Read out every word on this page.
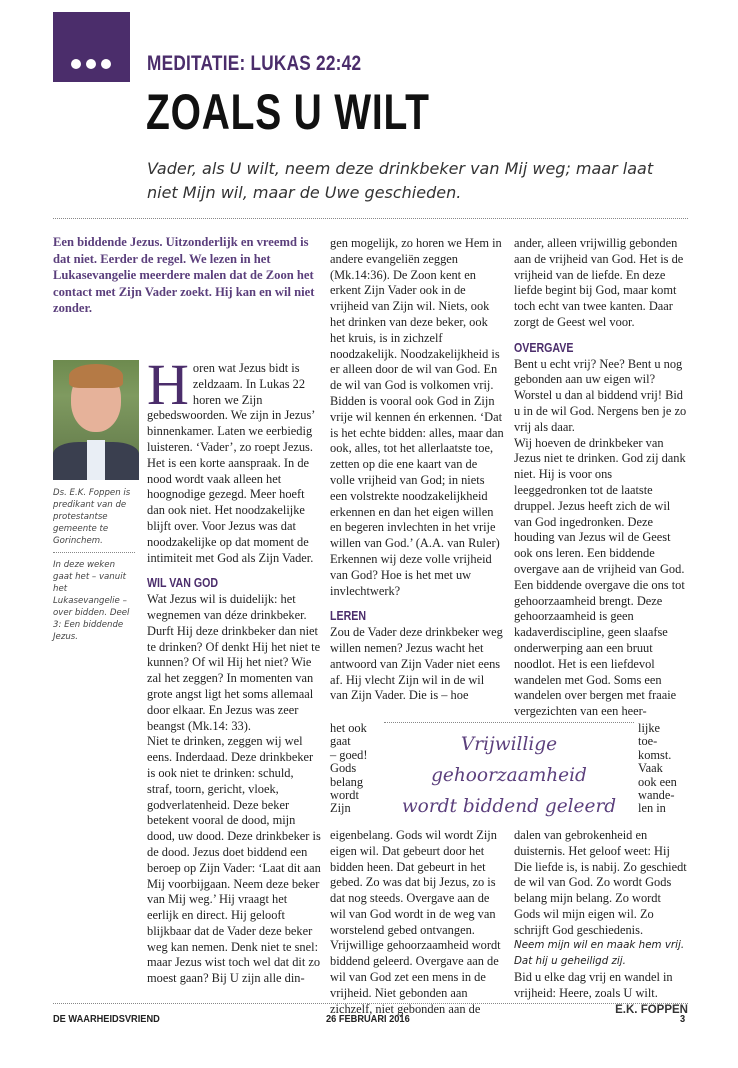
MEDITATIE: LUKAS 22:42
ZOALS U WILT
Vader, als U wilt, neem deze drinkbeker van Mij weg; maar laat niet Mijn wil, maar de Uwe geschieden.
Een biddende Jezus. Uitzonderlijk en vreemd is dat niet. Eerder de regel. We lezen in het Lukasevangelie meerdere malen dat de Zoon het contact met Zijn Vader zoekt. Hij kan en wil niet zonder.
Ds. E.K. Foppen is predikant van de protestantse gemeente te Gorinchem.
In deze weken gaat het – vanuit het Lukasevangelie – over bidden. Deel 3: Een biddende Jezus.
H oren wat Jezus bidt is zeldzaam. In Lukas 22 horen we Zijn gebedswoorden. We zijn in Jezus’ binnenkamer. Laten we eerbiedig luisteren. ‘Vader’, zo roept Jezus. Het is een korte aanspraak. In de nood wordt vaak alleen het hoognodige gezegd. Meer hoeft dan ook niet. Het noodzakelijke blijft over. Voor Jezus was dat noodzakelijke op dat moment de intimiteit met God als Zijn Vader.

WIL VAN GOD

Wat Jezus wil is duidelijk: het wegnemen van déze drinkbeker. Durft Hij deze drinkbeker dan niet te drinken? Of denkt Hij het niet te kunnen? Of wil Hij het niet? Wie zal het zeggen? In momenten van grote angst ligt het soms allemaal door elkaar. En Jezus was zeer beangst (Mk.14: 33).

Niet te drinken, zeggen wij wel eens. Inderdaad. Deze drinkbeker is ook niet te drinken: schuld, straf, toorn, gericht, vloek, godverlatenheid. Deze beker betekent vooral de dood, mijn dood, uw dood. Deze drinkbeker is de dood. Jezus doet biddend een beroep op Zijn Vader: ‘Laat dit aan Mij voorbijgaan. Neem deze beker van Mij weg.’ Hij vraagt het eerlijk en direct. Hij gelooft blijkbaar dat de Vader deze beker weg kan nemen. Denk niet te snel: maar Jezus wist toch wel dat dit zo moest gaan? Bij U zijn alle din-

gen mogelijk, zo horen we Hem in andere evangeliën zeggen (Mk.14:36). De Zoon kent en erkent Zijn Vader ook in de vrijheid van Zijn wil. Niets, ook het drinken van deze beker, ook het kruis, is in zichzelf noodzakelijk. Noodzakelijkheid is er alleen door de wil van God. En de wil van God is volkomen vrij. Bidden is vooral ook God in Zijn vrije wil kennen én erkennen. ‘Dat is het echte bidden: alles, maar dan ook, alles, tot het allerlaatste toe, zetten op die ene kaart van de volle vrijheid van God; in niets een volstrekte noodzakelijkheid erkennen en dan het eigen willen en begeren invlechten in het vrije willen van God.’ (A.A. van Ruler) Erkennen wij deze volle vrijheid van God? Hoe is het met uw invlechtwerk?

LEREN

Zou de Vader deze drinkbeker weg willen nemen? Jezus wacht het antwoord van Zijn Vader niet eens af. Hij vlecht Zijn wil in de wil van Zijn Vader. Die is – hoe

ander, alleen vrijwillig gebonden aan de vrijheid van God. Het is de vrijheid van de liefde. En deze liefde begint bij God, maar komt toch echt van twee kanten. Daar zorgt de Geest wel voor.

OVERGAVE

Bent u echt vrij? Nee? Bent u nog gebonden aan uw eigen wil? Worstel u dan al biddend vrij! Bid u in de wil God. Nergens ben je zo vrij als daar.

Wij hoeven de drinkbeker van Jezus niet te drinken. God zij dank niet. Hij is voor ons leeggedronken tot de laatste druppel. Jezus heeft zich de wil van God ingedronken. Deze houding van Jezus wil de Geest ook ons leren. Een biddende overgave aan de vrijheid van God. Een biddende overgave die ons tot gehoorzaamheid brengt. Deze gehoorzaamheid is geen kadaverdiscipline, geen slaafse onderwerping aan een bruut noodlot. Het is een liefdevol wandelen met God. Soms een wandelen over bergen met fraaie vergezichten van een heer-

het ook
gaat
– goed!
Gods
belang
wordt
Zijn
Vrijwillige gehoorzaamheid
wordt biddend geleerd
lijke
toe-
komst.
Vaak
ook een
wande-
len in

eigenbelang. Gods wil wordt Zijn eigen wil. Dat gebeurt door het bidden heen. Dat gebeurt in het gebed. Zo was dat bij Jezus, zo is dat nog steeds. Overgave aan de wil van God wordt in de weg van worstelend gebed ontvangen. Vrijwillige gehoorzaamheid wordt biddend geleerd. Overgave aan de wil van God zet een mens in de vrijheid. Niet gebonden aan zichzelf, niet gebonden aan de

dalen van gebrokenheid en duisternis. Het geloof weet: Hij Die liefde is, is nabij. Zo geschiedt de wil van God. Zo wordt Gods belang mijn belang. Zo wordt Gods wil mijn eigen wil. Zo schrijft God geschiedenis.

Neem mijn wil en maak hem vrij.

Dat hij u geheiligd zij.

Bid u elke dag vrij en wandel in vrijheid: Heere, zoals U wilt.

E.K. FOPPEN
DE WAARHEIDSVRIEND	26 FEBRUARI 2016	3
